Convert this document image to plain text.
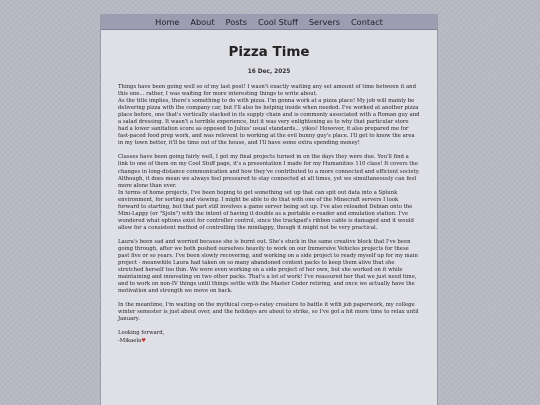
Home About Posts Cool Stuff Servers Contact
Pizza Time
16 Dec, 2025

Things have been going well so of my last post! I wasn't exactly waiting any set amount of time between it and this one... rather, I was waiting for more interesting things to write about.
As the title implies, there's something to do with pizza. I'm gonna work at a pizza place! My job will mainly be delivering pizza with the company car, but I'll also be helping inside when needed. I've worked at another pizza place before, one that's vertically stacked in its supply chain and is commonly associated with a Roman guy and a salad dressing. It wasn't a terrible experience, but it was very enlightening as to why that particular store had a lower sanitation score as opposed to Julius' usual standards... yikes! However, it also prepared me for fast-paced food prep work, and was relevent to working at the evil bunny guy's place. I'll get to know the area in my town better, it'll be time out of the house, and I'll have some extra spending money!

Classes have been going fairly well, I got my final projects turned in on the days they were due. You'll find a link to one of them on my Cool Stuff page, it's a presentation I made for my Humanities 110 class! It covers the changes in long-distance communication and how they've contributed to a more connected and efficient society. Although, it does mean we always feel pressured to stay connected at all times, yet we simultaneously can feel more alone than ever.
In terms of home projects, I've been hoping to get something set up that can spit out data into a Splunk environment, for sorting and viewing. I might be able to do that with one of the Minecraft servers I look forward to starting, but that part still involves a game server being set up. I've also reloaded Debian onto the Mini-Lappy (or "Sjoln") with the intent of having it double as a portable e-reader and emulation station. I've wondered what options exist for controller control, since the trackpad's ribbon cable is damaged and it would allow for a consistent method of controlling the minilappy, though it might not be very practical.

Laura's been sad and worried because she is burnt out. She's stuck in the same creative block that I've been going through, after we both pushed ourselves heavily to work on our Immersive Vehicles projects for these past five or so years. I've been slowly recovering, and working on a side project to ready myself up for my main project - meanwhile Laura had taken on so many abandoned content packs to keep them alive that she stretched herself too thin. We were even working on a side project of her own, but she worked on it while maintaining and innovating on two other packs. That's a lot of work! I've reassured her that we just need time, and to work on non-IV things until things settle with the Master Coder retiring, and once we actually have the motivation and strength we move on back.

In the meantime, I'm waiting on the mythical corp-o-ratey creature to battle it with job paperwork, my college winter semester is just about over, and the holidays are about to strike, so I've got a bit more time to relax until January.

Looking forward,
-Mikaela♥
